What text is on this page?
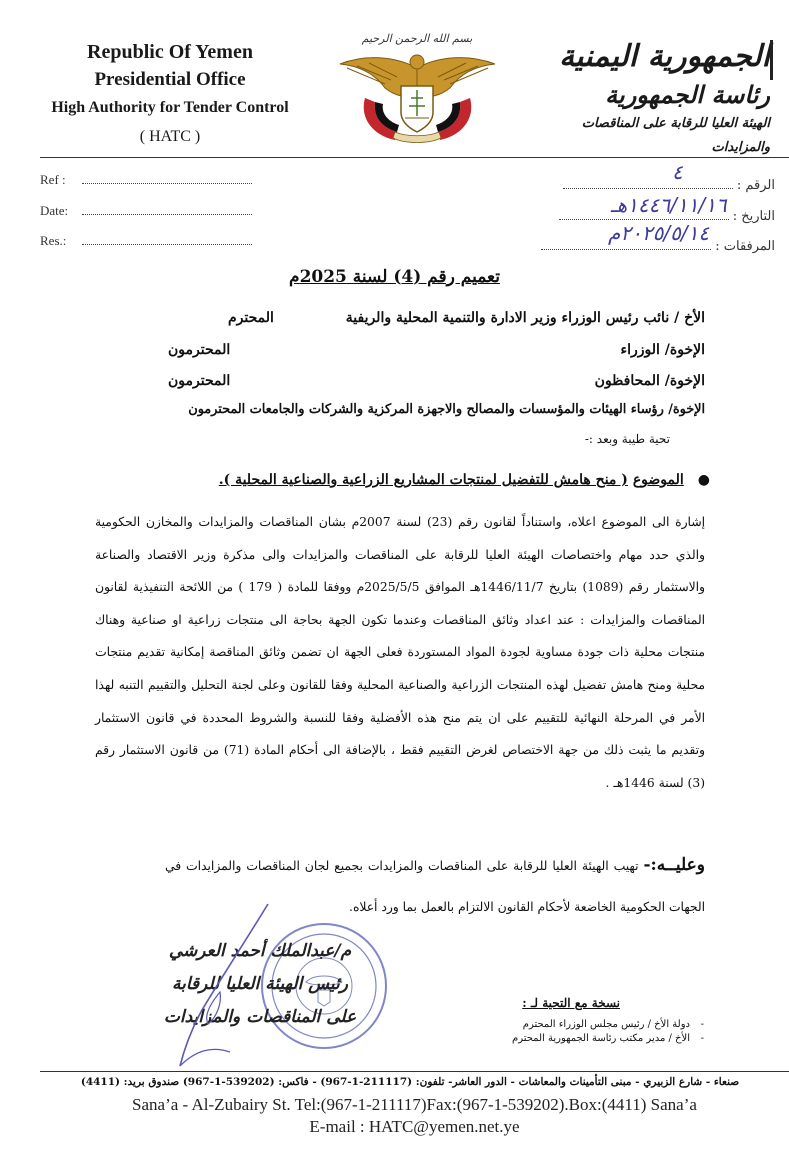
Republic Of Yemen
Presidential Office
High Authority for Tender Control
( HATC )
بسم الله الرحمن الرحيم
الجمهورية اليمنية
رئاسة الجمهورية
الهيئة العليا للرقابة على المناقصات والمزايدات
Ref :
Date:
Res.:
الرقم :
٤
التاريخ :
١٤٤٦/١١/١٦هـ
المرفقات :
٢٠٢٥/٥/١٤م
تعميم رقم (4) لسنة 2025م
الأخ / نائب رئيس الوزراء وزير الادارة والتنمية المحلية والريفية
المحترم
الإخوة/ الوزراء
المحترمون
الإخوة/ المحافظون
المحترمون
الإخوة/ رؤساء الهيئات والمؤسسات والمصالح والاجهزة المركزية والشركات والجامعات المحترمون
تحية طيبة وبعد :-
●الموضوع ( منح هامش للتفضيل لمنتجات المشاريع الزراعية والصناعية المحلية ).
إشارة الى الموضوع اعلاه، واستناداً لقانون رقم (23) لسنة 2007م بشان المناقصات والمزايدات والمخازن الحكومية والذي حدد مهام واختصاصات الهيئة العليا للرقابة على المناقصات والمزايدات والى مذكرة وزير الاقتصاد والصناعة والاستثمار رقم (1089) بتاريخ 1446/11/7هـ الموافق 2025/5/5م ووفقا للمادة ( 179 ) من اللائحة التنفيذية لقانون المناقصات والمزايدات : عند اعداد وثائق المناقصات وعندما تكون الجهة بحاجة الى منتجات زراعية او صناعية وهناك منتجات محلية ذات جودة مساوية لجودة المواد المستوردة فعلى الجهة ان تضمن وثائق المناقصة إمكانية تقديم منتجات محلية ومنح هامش تفضيل لهذه المنتجات الزراعية والصناعية المحلية وفقا للقانون وعلى لجنة التحليل والتقييم التنبه لهذا الأمر في المرحلة النهائية للتقييم على ان يتم منح هذه الأفضلية وفقا للنسبة والشروط المحددة في قانون الاستثمار وتقديم ما يثبت ذلك من جهة الاختصاص لغرض التقييم فقط ، بالإضافة الى أحكام المادة (71) من قانون الاستثمار رقم (3) لسنة 1446هـ .
وعليــه:- تهيب الهيئة العليا للرقابة على المناقصات والمزايدات بجميع لجان المناقصات والمزايدات في الجهات الحكومية الخاضعة لأحكام القانون الالتزام بالعمل بما ورد أعلاه.
م/عبدالملك أحمد العرشي
رئيس الهيئة العليا للرقابة
على المناقصات والمزايدات
نسخة مع التحية لـ :
-
دولة الأخ / رئيس مجلس الوزراء المحترم
-
الأخ / مدير مكتب رئاسة الجمهورية المحترم
صنعاء - شارع الزبيري - مبنى التأمينات والمعاشات - الدور العاشر- تلفون: (211117-1-967) - فاكس: (539202-1-967) صندوق بريد: (4411)
Sana’a - Al-Zubairy St. Tel:(967-1-211117)Fax:(967-1-539202).Box:(4411) Sana’a
E-mail : HATC@yemen.net.ye
